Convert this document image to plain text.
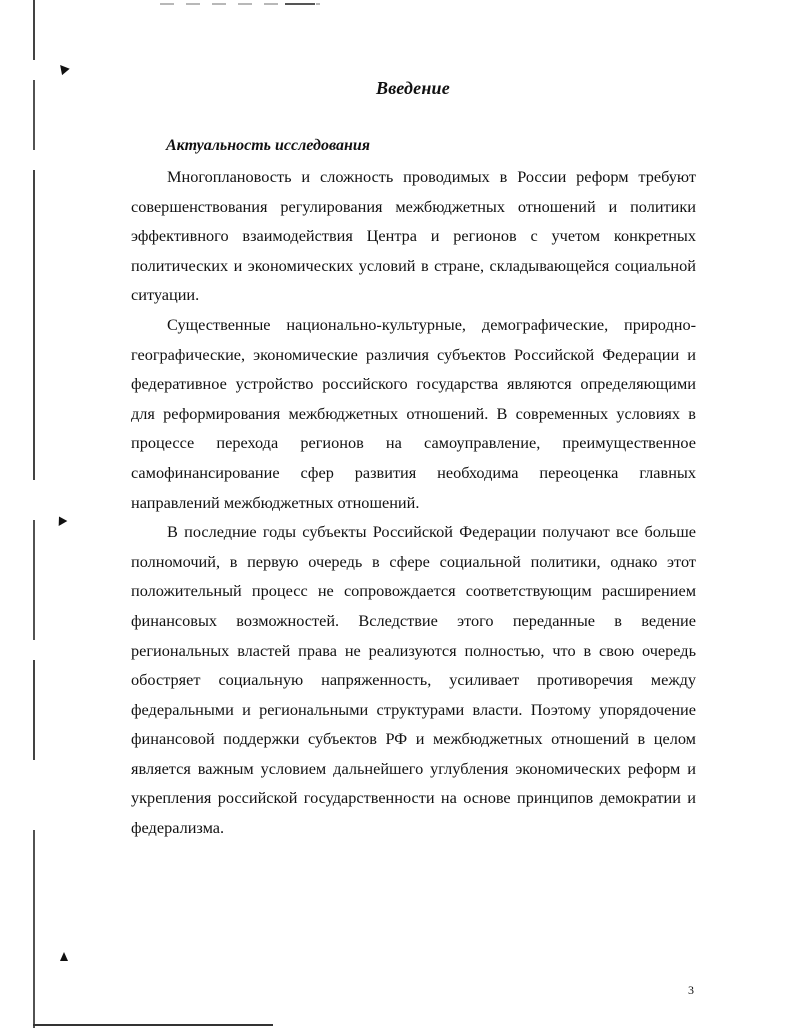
Введение
Актуальность исследования

Многоплановость и сложность проводимых в России реформ требуют совершенствования регулирования межбюджетных отношений и политики эффективного взаимодействия Центра и регионов с учетом конкретных политических и экономических условий в стране, складывающейся социальной ситуации.

Существенные национально-культурные, демографические, природно-географические, экономические различия субъектов Российской Федерации и федеративное устройство российского государства являются определяющими для реформирования межбюджетных отношений. В современных условиях в процессе перехода регионов на самоуправление, преимущественное самофинансирование сфер развития необходима переоценка главных направлений межбюджетных отношений.

В последние годы субъекты Российской Федерации получают все больше полномочий, в первую очередь в сфере социальной политики, однако этот положительный процесс не сопровождается соответствующим расширением финансовых возможностей. Вследствие этого переданные в ведение региональных властей права не реализуются полностью, что в свою очередь обостряет социальную напряженность, усиливает противоречия между федеральными и региональными структурами власти. Поэтому упорядочение финансовой поддержки субъектов РФ и межбюджетных отношений в целом является важным условием дальнейшего углубления экономических реформ и укрепления российской государственности на основе принципов демократии и федерализма.

3
